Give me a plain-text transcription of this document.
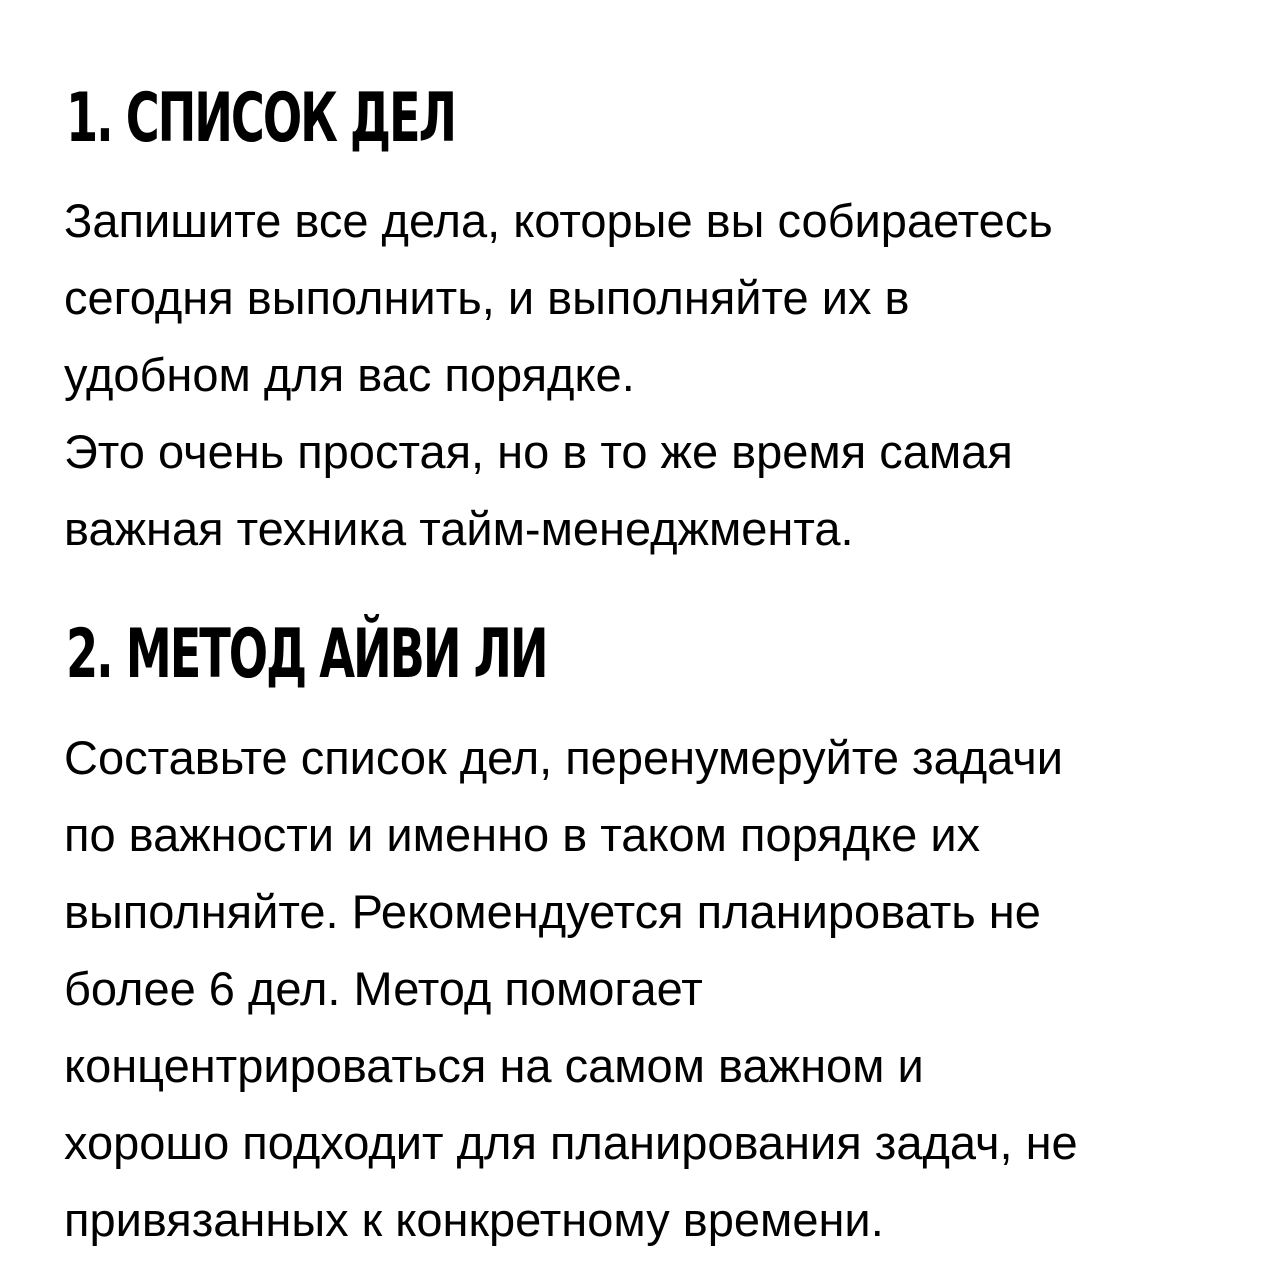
1. СПИСОК ДЕЛ

Запишите все дела, которые вы собираетесь
сегодня выполнить, и выполняйте их в
удобном для вас порядке.
Это очень простая, но в то же время самая
важная техника тайм-менеджмента.

2. МЕТОД АЙВИ ЛИ

Составьте список дел, перенумеруйте задачи
по важности и именно в таком порядке их
выполняйте. Рекомендуется планировать не
более 6 дел. Метод помогает
концентрироваться на самом важном и
хорошо подходит для планирования задач, не
привязанных к конкретному времени.
